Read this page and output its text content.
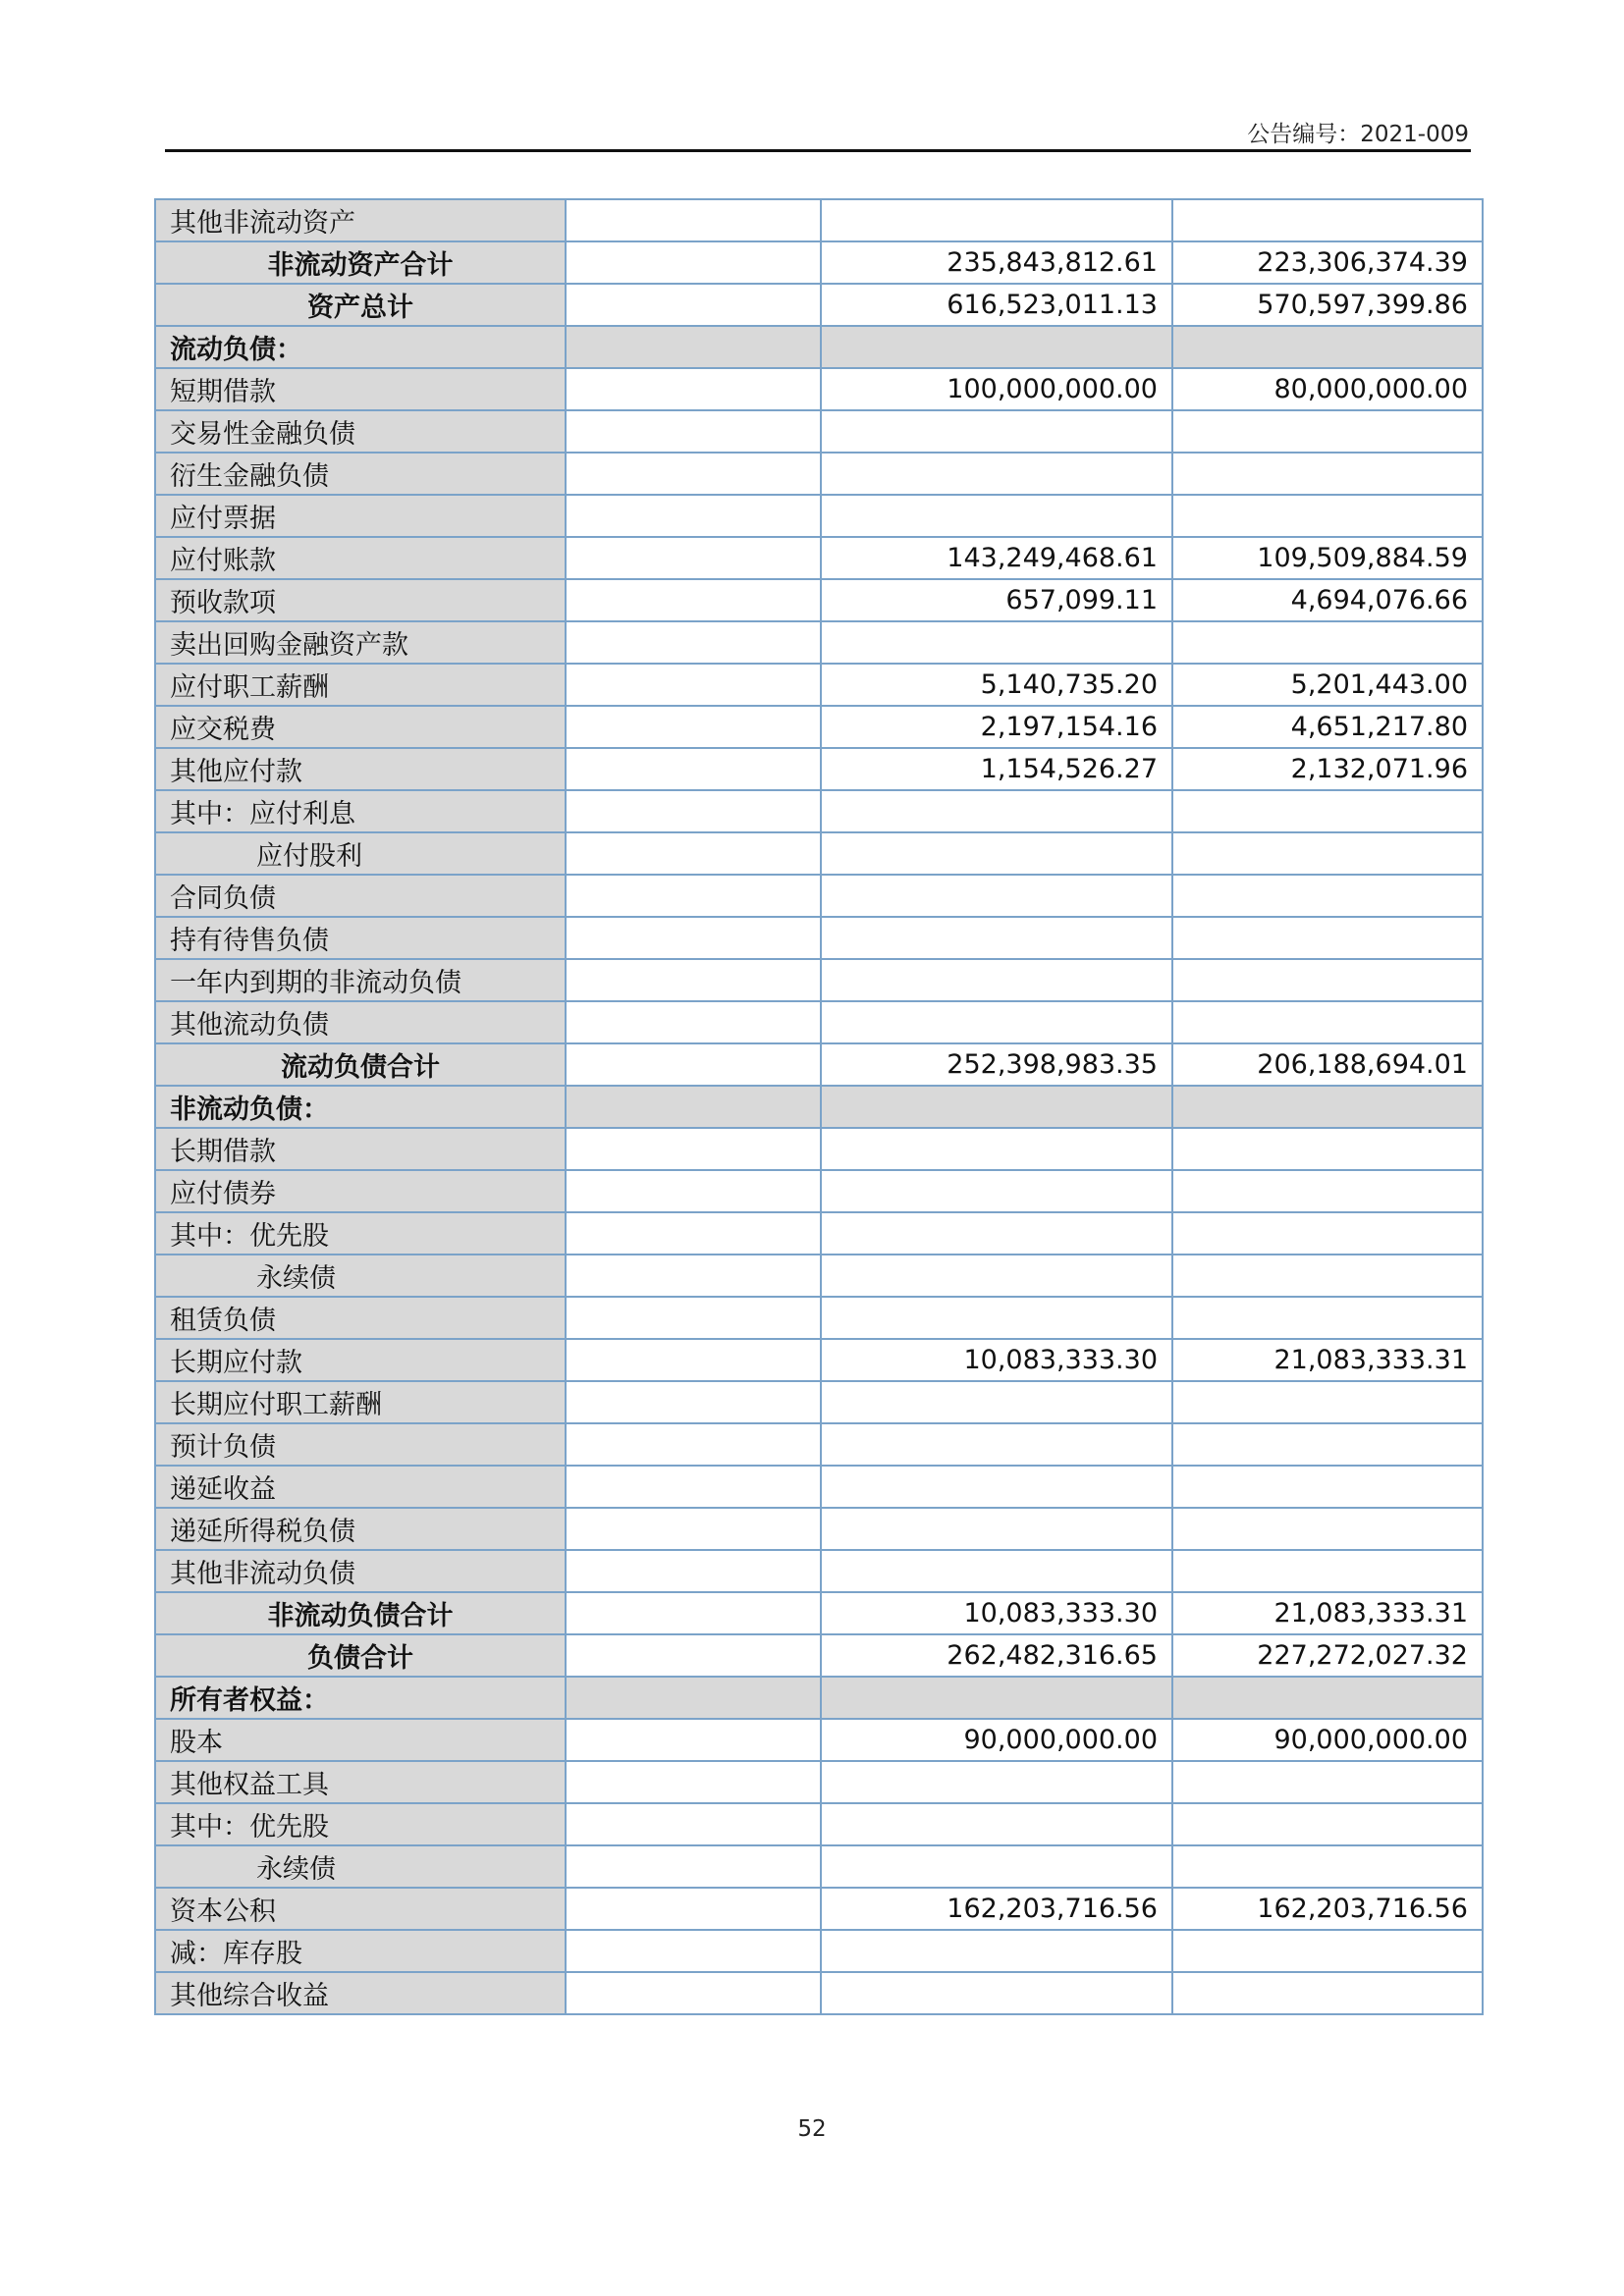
公告编号：2021-009
其他非流动资产			
非流动资产合计		235,843,812.61	223,306,374.39
资产总计		616,523,011.13	570,597,399.86
流动负债：			
短期借款		100,000,000.00	80,000,000.00
交易性金融负债			
衍生金融负债			
应付票据			
应付账款		143,249,468.61	109,509,884.59
预收款项		657,099.11	4,694,076.66
卖出回购金融资产款			
应付职工薪酬		5,140,735.20	5,201,443.00
应交税费		2,197,154.16	4,651,217.80
其他应付款		1,154,526.27	2,132,071.96
其中：应付利息			
应付股利			
合同负债			
持有待售负债			
一年内到期的非流动负债			
其他流动负债			
流动负债合计		252,398,983.35	206,188,694.01
非流动负债：			
长期借款			
应付债券			
其中：优先股			
永续债			
租赁负债			
长期应付款		10,083,333.30	21,083,333.31
长期应付职工薪酬			
预计负债			
递延收益			
递延所得税负债			
其他非流动负债			
非流动负债合计		10,083,333.30	21,083,333.31
负债合计		262,482,316.65	227,272,027.32
所有者权益：			
股本		90,000,000.00	90,000,000.00
其他权益工具			
其中：优先股			
永续债			
资本公积		162,203,716.56	162,203,716.56
减：库存股			
其他综合收益			
52
